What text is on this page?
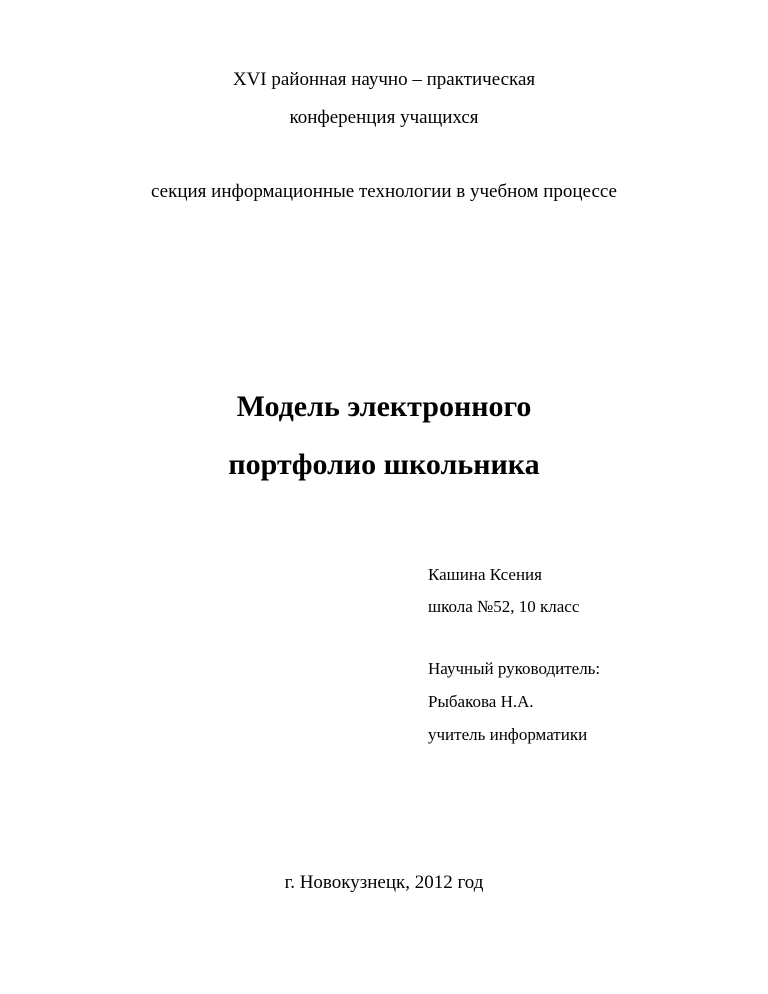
XVI районная научно – практическая
конференция учащихся
секция информационные технологии в учебном процессе
Модель электронного
портфолио школьника
Кашина Ксения
школа №52, 10 класс
Научный руководитель:
Рыбакова Н.А.
учитель информатики
г. Новокузнецк, 2012 год
